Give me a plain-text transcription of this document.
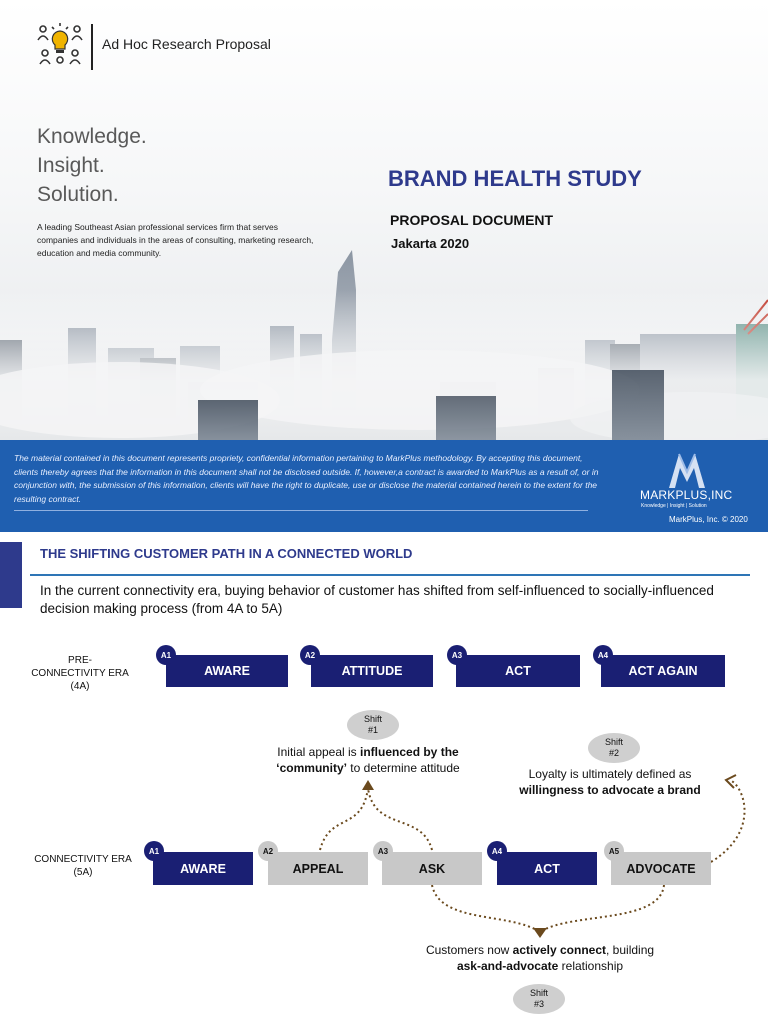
Ad Hoc Research Proposal
Knowledge.
Insight.
Solution.
A leading Southeast Asian professional services firm that serves companies and individuals in the areas of consulting, marketing research, education and media community.
BRAND HEALTH STUDY
PROPOSAL DOCUMENT
Jakarta 2020
The material contained in this document represents propriety, confidential information pertaining to MarkPlus methodology. By accepting this document, clients thereby agrees that the information in this document shall not be disclosed outside. If, however,a contract is awarded to MarkPlus as a result of, or in conjunction with, the submission of this information, clients will have the right to duplicate, use or disclose the material contained herein to the extent for the resulting contract.	MARKPLUS,INC
Knowledge | Insight | Solution
MarkPlus, Inc. © 2020
THE SHIFTING CUSTOMER PATH IN A CONNECTED WORLD
In the current connectivity era, buying behavior of customer has shifted from self-influenced to socially-influenced decision making process (from 4A to 5A)
PRE-
CONNECTIVITY ERA
(4A)
AWARE
A1
ATTITUDE
A2
ACT
A3
ACT AGAIN
A4
Shift
#1
Initial appeal is influenced by the
‘community’ to determine attitude
Shift
#2
Loyalty is ultimately defined as
willingness to advocate a brand
CONNECTIVITY ERA
(5A)	AWARE
A1
APPEAL
A2
ASK
A3
ACT
A4
ADVOCATE
A5
Customers now actively connect, building
ask-and-advocate relationship
Shift
#3
